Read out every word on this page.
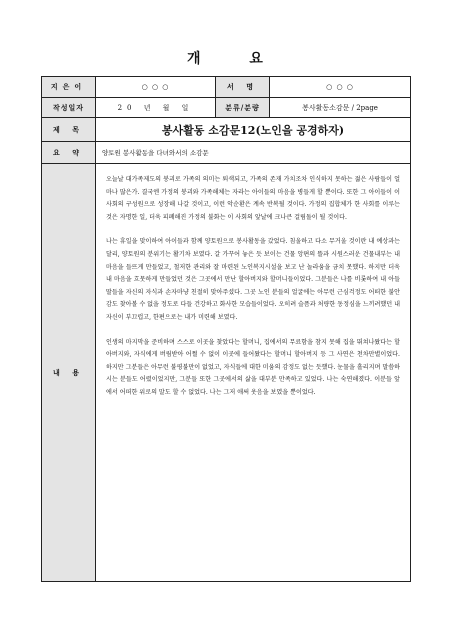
개 요
지은이	○ ○ ○	서 명	○ ○ ○
작성일자	20 년 월 일	분류/분량	봉사활동소감문 / 2page
제 목	봉사활동 소감문12(노인을 공경하자)		
요 약	양토원 봉사활동을 다녀와서의 소감문		
내 용	오늘날 대가족제도의 붕괴로 가족의 의미는 퇴색되고, 가족의 존재 가치조차 인식하지 못하는 젊은 사람들이 얼마나 많은가. 결국엔 가정의 붕괴와 가족해체는 자라는 아이들의 마음을 병들게 할 뿐이다. 또한 그 아이들이 이 사회의 구성원으로 성장해 나갈 것이고, 이런 악순환은 계속 반복될 것이다. 가정의 집합체가 한 사회를 이루는 것은 자명한 일, 더욱 피폐해진 가정의 불화는 이 사회의 앞날에 크나큰 걸림돌이 될 것이다.

나는 휴일을 맞이하여 아이들과 함께 양토원으로 봉사활동을 갔었다. 침울하고 다소 무거울 것이란 내 예상과는 달리, 양토원의 분위기는 활기차 보였다. 갈 가꾸어 놓은 듯 보이는 건물 앙편의 뜰과 시원스러운 건물내부는 내 마음을 들뜨게 만들었고, 철저한 관리와 잘 마련된 노인복지시설을 보고 난 놀라움을 금치 못했다. 하지만 더욱 내 마음을 흐뭇하게 만들었던 것은 그곳에서 만난 할아버지와 할머니들이었다. 그분들은 나를 비롯하여 내 아들 딸들을 자신의 자식과 손자마냥 친절히 맞아주셨다. 그곳 노인 분들의 얼굴에는 아무런 근심걱정도 어떠한 불안감도 찾아볼 수 없을 정도로 다들 건강하고 화사한 모습들이었다. 오히려 슬픔과 처량한 동정심을 느끼려했던 내 자신이 부끄럽고, 한편으로는 내가 미련해 보였다.

인생의 마지막을 준비하며 스스로 이곳을 찾았다는 할머니, 집에서의 무료함을 참지 못해 집을 뛰쳐나왔다는 할아버지와, 자식에게 버림받아 어쩔 수 없이 이곳에 들어왔다는 할머니 할아버지 등 그 사연은 천차만별이었다. 하지만 그분들은 아무런 불평불만이 없었고, 자식들에 대한 미움의 감정도 없는 듯했다. 눈물을 흘리지며 말씀하시는 분들도 어렸이었지만, 그분들 또한 그곳에서의 삶을 대부분 만족하고 있었다. 나는 숙연해졌다. 이분들 앞에서 어떠한 위로의 말도 할 수 없었다. 나는 그저 애써 웃음을 보였을 뿐이었다.		
